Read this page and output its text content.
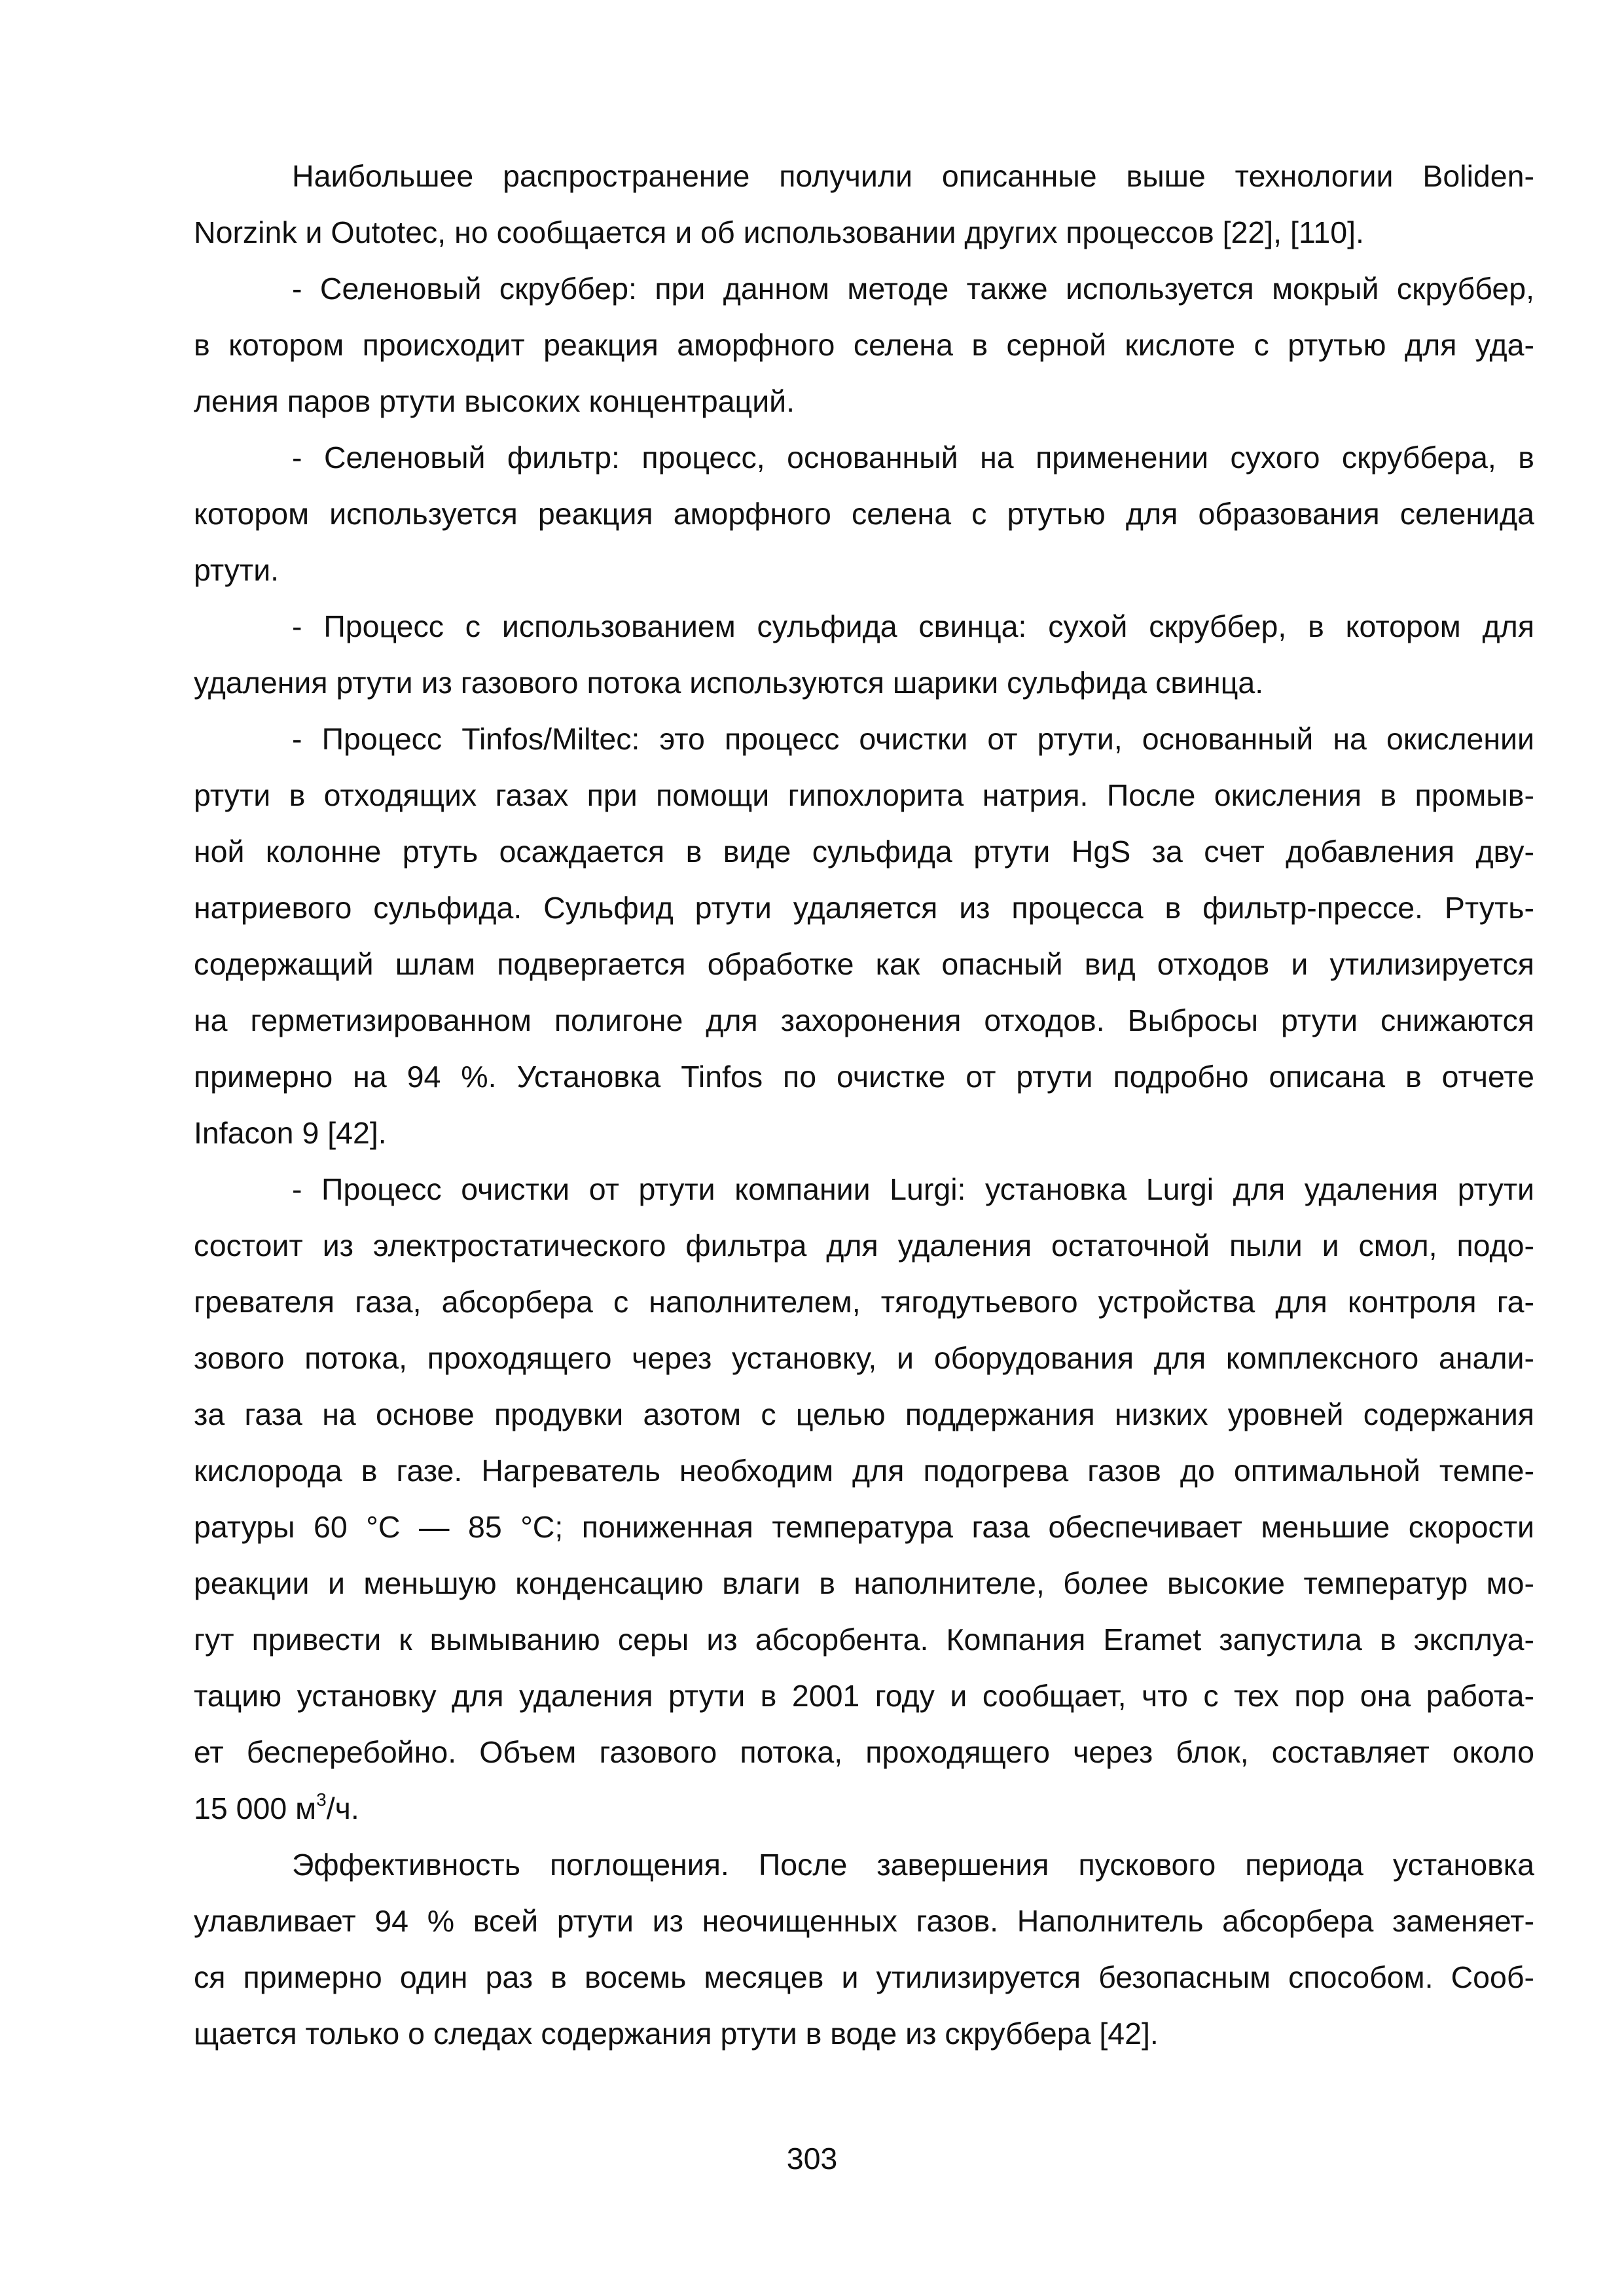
Наибольшее распространение получили описанные выше технологии Boliden-
Norzink и Outotec, но сообщается и об использовании других процессов [22], [110].
- Селеновый скруббер: при данном методе также используется мокрый скруббер,
в котором происходит реакция аморфного селена в серной кислоте с ртутью для уда-
ления паров ртути высоких концентраций.
- Селеновый фильтр: процесс, основанный на применении сухого скруббера, в
котором используется реакция аморфного селена с ртутью для образования селенида
ртути.
- Процесс с использованием сульфида свинца: сухой скруббер, в котором для
удаления ртути из газового потока используются шарики сульфида свинца.
- Процесс Tinfos/Miltec: это процесс очистки от ртути, основанный на окислении
ртути в отходящих газах при помощи гипохлорита натрия. После окисления в промыв-
ной колонне ртуть осаждается в виде сульфида ртути HgS за счет добавления дву-
натриевого сульфида. Сульфид ртути удаляется из процесса в фильтр-прессе. Ртуть-
содержащий шлам подвергается обработке как опасный вид отходов и утилизируется
на герметизированном полигоне для захоронения отходов. Выбросы ртути снижаются
примерно на 94 %. Установка Tinfos по очистке от ртути подробно описана в отчете
Infacon 9 [42].
- Процесс очистки от ртути компании Lurgi: установка Lurgi для удаления ртути
состоит из электростатического фильтра для удаления остаточной пыли и смол, подо-
гревателя газа, абсорбера с наполнителем, тягодутьевого устройства для контроля га-
зового потока, проходящего через установку, и оборудования для комплексного анали-
за газа на основе продувки азотом с целью поддержания низких уровней содержания
кислорода в газе. Нагреватель необходим для подогрева газов до оптимальной темпе-
ратуры 60 °C — 85 °C; пониженная температура газа обеспечивает меньшие скорости
реакции и меньшую конденсацию влаги в наполнителе, более высокие температур мо-
гут привести к вымыванию серы из абсорбента. Компания Eramet запустила в эксплуа-
тацию установку для удаления ртути в 2001 году и сообщает, что с тех пор она работа-
ет бесперебойно. Объем газового потока, проходящего через блок, составляет около
15 000 $м^3/ч$.
Эффективность поглощения. После завершения пускового периода установка
улавливает 94 % всей ртути из неочищенных газов. Наполнитель абсорбера заменяет-
ся примерно один раз в восемь месяцев и утилизируется безопасным способом. Сооб-
щается только о следах содержания ртути в воде из скруббера [42].
303
